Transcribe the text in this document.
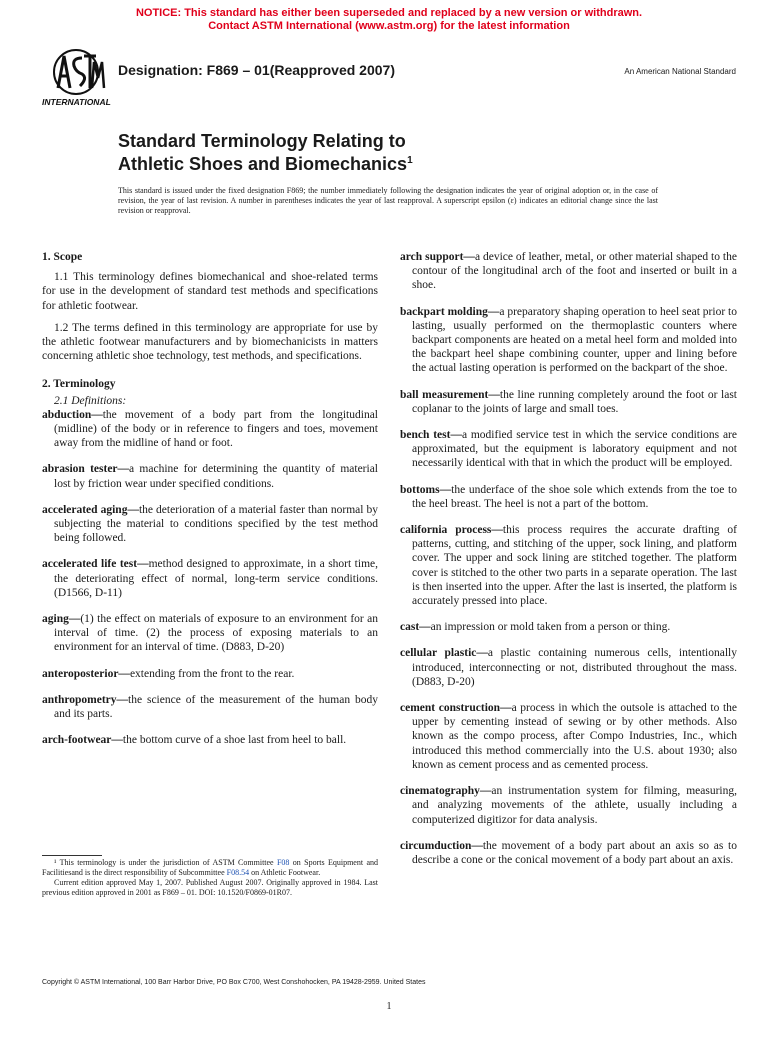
NOTICE: This standard has either been superseded and replaced by a new version or withdrawn.
Contact ASTM International (www.astm.org) for the latest information
INTERNATIONAL
Designation: F869 – 01(Reapproved 2007)	An American National Standard
Standard Terminology Relating to
Athletic Shoes and Biomechanics$^1$
This standard is issued under the fixed designation F869; the number immediately following the designation indicates the year of original adoption or, in the case of revision, the year of last revision. A number in parentheses indicates the year of last reapproval. A superscript epsilon (ε) indicates an editorial change since the last revision or reapproval.
1. Scope
1.1 This terminology defines biomechanical and shoe-related terms for use in the development of standard test methods and specifications for athletic footwear.
1.2 The terms defined in this terminology are appropriate for use by the athletic footwear manufacturers and by biomechanicists in matters concerning athletic shoe technology, test methods, and specifications.
2. Terminology
2.1 Definitions:
abduction—the movement of a body part from the longitudinal (midline) of the body or in reference to fingers and toes, movement away from the midline of hand or foot.
abrasion tester—a machine for determining the quantity of material lost by friction wear under specified conditions.
accelerated aging—the deterioration of a material faster than normal by subjecting the material to conditions specified by the test method being followed.
accelerated life test—method designed to approximate, in a short time, the deteriorating effect of normal, long-term service conditions. (D1566, D-11)
aging—(1) the effect on materials of exposure to an environment for an interval of time. (2) the process of exposing materials to an environment for an interval of time. (D883, D-20)
anteroposterior—extending from the front to the rear.
anthropometry—the science of the measurement of the human body and its parts.
arch-footwear—the bottom curve of a shoe last from heel to ball.
arch support—a device of leather, metal, or other material shaped to the contour of the longitudinal arch of the foot and inserted or built in a shoe.
backpart molding—a preparatory shaping operation to heel seat prior to lasting, usually performed on the thermoplastic counters where backpart components are heated on a metal heel form and molded into the backpart heel shape combining counter, upper and lining before the actual lasting operation is performed on the backpart of the shoe.
ball measurement—the line running completely around the foot or last coplanar to the joints of large and small toes.
bench test—a modified service test in which the service conditions are approximated, but the equipment is laboratory equipment and not necessarily identical with that in which the product will be employed.
bottoms—the underface of the shoe sole which extends from the toe to the heel breast. The heel is not a part of the bottom.
california process—this process requires the accurate drafting of patterns, cutting, and stitching of the upper, sock lining, and platform cover. The upper and sock lining are stitched together. The platform cover is stitched to the other two parts in a separate operation. The last is then inserted into the upper. After the last is inserted, the platform is accurately pressed into place.
cast—an impression or mold taken from a person or thing.
cellular plastic—a plastic containing numerous cells, intentionally introduced, interconnecting or not, distributed throughout the mass. (D883, D-20)
cement construction—a process in which the outsole is attached to the upper by cementing instead of sewing or by other methods. Also known as the compo process, after Compo Industries, Inc., which introduced this method commercially into the U.S. about 1930; also known as cement process and as cemented process.
cinematography—an instrumentation system for filming, measuring, and analyzing movements of the athlete, usually including a computerized digitizor for data analysis.
circumduction—the movement of a body part about an axis so as to describe a cone or the conical movement of a body part about an axis.

¹ This terminology is under the jurisdiction of ASTM Committee F08 on Sports Equipment and Facilitiesand is the direct responsibility of Subcommittee F08.54 on Athletic Footwear.

Current edition approved May 1, 2007. Published August 2007. Originally approved in 1984. Last previous edition approved in 2001 as F869 – 01. DOI: 10.1520/F0869-01R07.

Copyright © ASTM International, 100 Barr Harbor Drive, PO Box C700, West Conshohocken, PA 19428-2959. United States
1
